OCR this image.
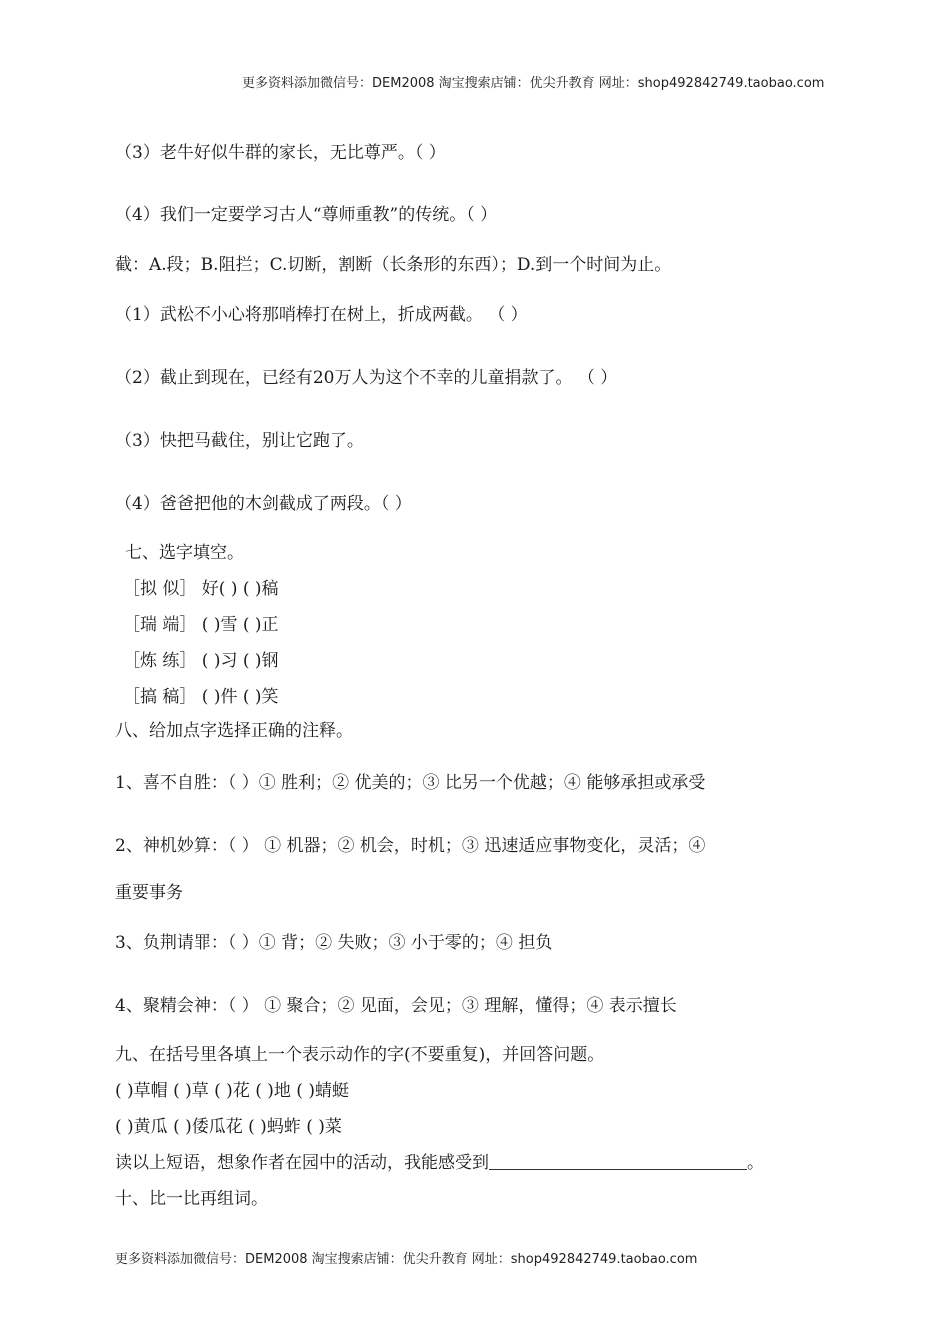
更多资料添加微信号：DEM2008 淘宝搜索店铺：优尖升教育 网址：shop492842749.taobao.com
（3）老牛好似牛群的家长，无比尊严。（ ）
（4）我们一定要学习古人“尊师重教”的传统。（ ）
截：A.段；B.阻拦；C.切断，割断（长条形的东西）；D.到一个时间为止。
（1）武松不小心将那哨棒打在树上，折成两截。 （ ）
（2）截止到现在，已经有20万人为这个不幸的儿童捐款了。 （ ）
（3）快把马截住，别让它跑了。
（4）爸爸把他的木剑截成了两段。（ ）
七、选字填空。
［拟 似］ 好( ) ( )稿
［瑞 端］ ( )雪 ( )正
［炼 练］ ( )习 ( )钢
［搞 稿］ ( )件 ( )笑
八、给加点字选择正确的注释。
1、喜不自胜：（ ）① 胜利；② 优美的；③ 比另一个优越；④ 能够承担或承受
2、神机妙算：（ ） ① 机器；② 机会，时机；③ 迅速适应事物变化，灵活；④
重要事务
3、负荆请罪：（ ）① 背；② 失败；③ 小于零的；④ 担负
4、聚精会神：（ ） ① 聚合；② 见面，会见；③ 理解，懂得；④ 表示擅长
九、在括号里各填上一个表示动作的字(不要重复)，并回答问题。
( )草帽 ( )草 ( )花 ( )地 ( )蜻蜓
( )黄瓜 ( )倭瓜花 ( )蚂蚱 ( )菜
读以上短语，想象作者在园中的活动，我能感受到	。
十、比一比再组词。
更多资料添加微信号：DEM2008 淘宝搜索店铺：优尖升教育 网址：shop492842749.taobao.com
